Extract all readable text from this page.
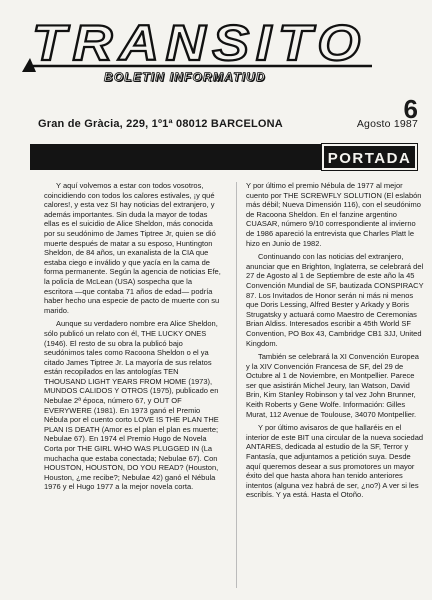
TRANSITO
BOLETIN INFORMATIUD
6
Gran de Gràcia, 229, 1º1ª 08012 BARCELONA	Agosto 1987
PORTADA

Y aquí volvemos a estar con todos vosotros, coincidiendo con todos los calores estivales, ¡y qué calores!, y esta vez SI hay noticias del extranjero, y además importantes. Sin duda la mayor de todas ellas es el suicidio de Alice Sheldon, más conocida por su seudónimo de James Tiptree Jr, quien se dió muerte después de matar a su esposo, Huntington Sheldon, de 84 años, un exanalista de la CIA que estaba ciego e inválido y que yacía en la cama de forma permanente. Según la agencia de noticias Efe, la policía de McLean (USA) sospecha que la escritora —que contaba 71 años de edad— podría haber hecho una especie de pacto de muerte con su marido.

Aunque su verdadero nombre era Alice Sheldon, sólo publicó un relato con él, THE LUCKY ONES (1946). El resto de su obra la publicó bajo seudónimos tales como Racoona Sheldon o el ya citado James Tiptree Jr. La mayoría de sus relatos están recopilados en las antologías TEN THOUSAND LIGHT YEARS FROM HOME (1973), MUNDOS CALIDOS Y OTROS (1975), publicado en Nebulae 2ª época, número 67, y OUT OF EVERYWERE (1981). En 1973 ganó el Premio Nébula por el cuento corto LOVE IS THE PLAN THE PLAN IS DEATH (Amor es el plan el plan es muerte; Nebulae 67). En 1974 el Premio Hugo de Novela Corta por THE GIRL WHO WAS PLUGGED IN (La muchacha que estaba conectada; Nebulae 67). Con HOUSTON, HOUSTON, DO YOU READ? (Houston, Houston, ¿me recibe?; Nebulae 42) ganó el Nébula 1976 y el Hugo 1977 a la mejor novela corta.

Y por último el premio Nébula de 1977 al mejor cuento por THE SCREWFLY SOLUTION (El eslabón más débil; Nueva Dimensión 116), con el seudónimo de Racoona Sheldon. En el fanzine argentino CUASAR, número 9/10 correspondiente al invierno de 1986 apareció la entrevista que Charles Platt le hizo en Junio de 1982.

Continuando con las noticias del extranjero, anunciar que en Brighton, Inglaterra, se celebrará del 27 de Agosto al 1 de Septiembre de este año la 45 Convención Mundial de SF, bautizada CONSPIRACY 87. Los Invitados de Honor serán ni más ni menos que Doris Lessing, Alfred Bester y Arkady y Boris Strugatsky y actuará como Maestro de Ceremonias Brian Aldiss. Interesados escribir a 45th World SF Convention, PO Box 43, Cambridge CB1 3JJ, United Kingdom.

También se celebrará la XI Convención Europea y la XIV Convención Francesa de SF, del 29 de Octubre al 1 de Noviembre, en Montpellier. Parece ser que asistirán Michel Jeury, Ian Watson, David Brin, Kim Stanley Robinson y tal vez John Brunner, Keith Roberts y Gene Wolfe. Información: Gilles Murat, 112 Avenue de Toulouse, 34070 Montpellier.

Y por último avisaros de que hallaréis en el interior de este BIT una circular de la nueva sociedad ANTARES, dedicada al estudio de la SF, Terror y Fantasía, que adjuntamos a petición suya. Desde aquí queremos desear a sus promotores un mayor éxito del que hasta ahora han tenido anteriores intentos (alguna vez habrá de ser, ¿no?) A ver si les escribís. Y ya está. Hasta el Otoño.
